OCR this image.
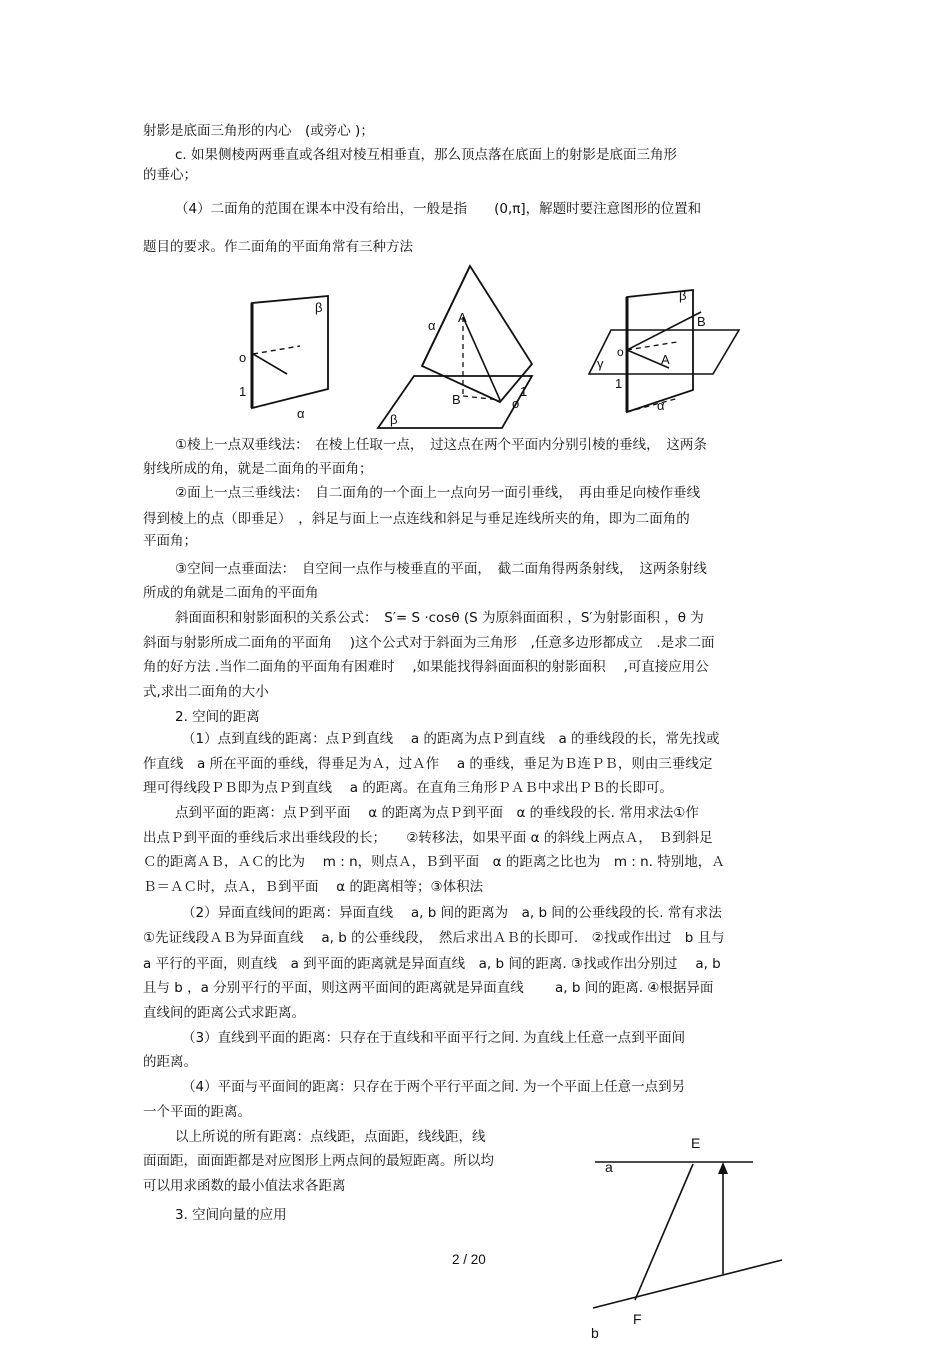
射影是底面三角形的内心　(或旁心 )；
c. 如果侧棱两两垂直或各组对棱互相垂直，那么顶点落在底面上的射影是底面三角形
的垂心；
（4）二面角的范围在课本中没有给出，一般是指　　(0,π]，解题时要注意图形的位置和
题目的要求。作二面角的平面角常有三种方法
β
o
1
α
α
A
β
B	o
1
β
B
γ
o	A
1
α
①棱上一点双垂线法：　在棱上任取一点，　过这点在两个平面内分别引棱的垂线，　这两条
射线所成的角，就是二面角的平面角；
②面上一点三垂线法：　自二面角的一个面上一点向另一面引垂线，　再由垂足向棱作垂线
得到棱上的点（即垂足）　，斜足与面上一点连线和斜足与垂足连线所夹的角，即为二面角的
平面角；
③空间一点垂面法：　自空间一点作与棱垂直的平面，　截二面角得两条射线，　这两条射线
所成的角就是二面角的平面角
斜面面积和射影面积的关系公式：　S′= S ·cosθ (S 为原斜面面积 ，S′为射影面积 ，θ 为
斜面与射影所成二面角的平面角　 )这个公式对于斜面为三角形　,任意多边形都成立　.是求二面
角的好方法 .当作二面角的平面角有困难时　 ,如果能找得斜面面积的射影面积　 ,可直接应用公
式,求出二面角的大小
2. 空间的距离
（1）点到直线的距离：点Ｐ到直线　 a 的距离为点Ｐ到直线　a 的垂线段的长，常先找或
作直线　a 所在平面的垂线，得垂足为Ａ，过Ａ作　 a 的垂线，垂足为Ｂ连ＰＢ，则由三垂线定
理可得线段ＰＢ即为点Ｐ到直线　 a 的距离。在直角三角形ＰＡＢ中求出ＰＢ的长即可。
点到平面的距离：点Ｐ到平面　 α 的距离为点Ｐ到平面　α 的垂线段的长. 常用求法①作
出点Ｐ到平面的垂线后求出垂线段的长；　　②转移法，如果平面 α 的斜线上两点Ａ，　Ｂ到斜足
Ｃ的距离ＡＢ，ＡＣ的比为　 m : n，则点Ａ，Ｂ到平面　α 的距离之比也为　m : n. 特别地，Ａ
Ｂ＝ＡＣ时，点Ａ，Ｂ到平面　 α 的距离相等；③体积法
（2）异面直线间的距离：异面直线　 a, b 间的距离为　a, b 间的公垂线段的长. 常有求法
①先证线段ＡＢ为异面直线　 a, b 的公垂线段，　然后求出ＡＢ的长即可.　②找或作出过　b 且与
a 平行的平面，则直线　a 到平面的距离就是异面直线　a, b 间的距离. ③找或作出分别过　 a, b
且与 b ，a 分别平行的平面，则这两平面间的距离就是异面直线　　 a, b 间的距离. ④根据异面
直线间的距离公式求距离。
（3）直线到平面的距离：只存在于直线和平面平行之间. 为直线上任意一点到平面间
的距离。
（4）平面与平面间的距离：只存在于两个平行平面之间. 为一个平面上任意一点到另
一个平面的距离。
以上所说的所有距离：点线距，点面距，线线距，线
面面距，面面距都是对应图形上两点间的最短距离。所以均
可以用求函数的最小值法求各距离
3. 空间向量的应用
E
a
F
b
2 / 20
